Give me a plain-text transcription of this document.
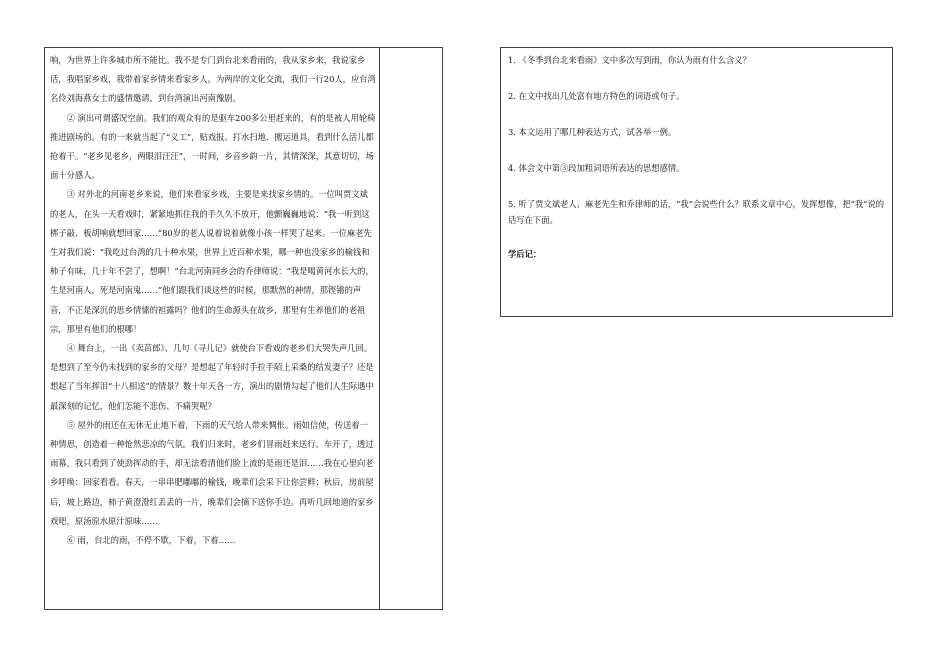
响，为世界上许多城市所不能比。我不是专门到台北来看雨的，我从家乡来，我说家乡话，我唱家乡戏，我带着家乡情来看家乡人。为两岸的文化交流，我们一行20人，应台湾名伶刘海燕女士的盛情邀请，到台湾演出河南豫剧。

② 演出可谓盛况空前。我们的观众有的是驱车200多公里赶来的，有的是被人用轮椅推进剧场的。有的一来就当起了“义工”，贴戏报、打水扫地、搬运道具，看到什么活儿都抢着干。“老乡见老乡，两眼泪汪汪”，一时间，乡音乡韵一片，其情深深，其意切切，场面十分感人。

③ 对外北的河南老乡来说，他们来看家乡戏，主要是来找家乡情的。一位叫贾文斌的老人，在头一天看戏时，紧紧地抓住我的手久久不放开，他颤巍巍地说：“我一听到这梆子敲、板胡响就想回家……”80岁的老人说着说着就像小孩一样哭了起来。一位麻老先生对我们说：“我吃过台湾的几十种水果，世界上近百种水果，哪一种也没家乡的榆钱和柿子有味，几十年不尝了，想啊！”台北河南同乡会的乔律师说：“我是喝黄河水长大的，生是河南人，死是河南鬼……”他们跟我们谈这些的时候，那默然的神情，那铿锵的声音，不正是深沉的思乡情愫的袒露吗？他们的生命源头在故乡，那里有生养他们的老祖宗，那里有他们的根哪！

④ 舞台上，一出《卖苗郎》、几句《寻儿记》就使台下看戏的老乡们大哭失声几回。是想到了至今仍未找到的家乡的父母？是想起了年轻时手拉手陌上采桑的结发妻子？还是想起了当年挥泪“十八相送”的情景？数十年天各一方，演出的剧情勾起了他们人生际遇中最深刻的记忆，他们怎能不悲伤、不痛哭呢？

⑤ 屋外的雨还在无休无止地下着，下雨的天气给人带来惆怅。雨如信使，传送着一种情思，创造着一种怆然悲凉的气氛。我们归来时，老乡们冒雨赶来送行。车开了，透过雨幕，我只看到了使劲挥动的手，却无法看清他们脸上流的是雨还是泪……我在心里向老乡呼唤：回家看看。春天，一串串肥嘟嘟的榆钱，晚辈们会采下让你尝鲜；秋后，房前屋后，坡上路边，柿子黄澄澄红丢丢的一片，晚辈们会摘下送你手边。再听几回地道的家乡戏吧，原汤原水原汁原味……

⑥ 雨，台北的雨，不停不歇，下着，下着……

1. 《冬季到台北来看雨》文中多次写到雨，你认为雨有什么含义？

2. 在文中找出几处富有地方特色的词语或句子。

3. 本文运用了哪几种表达方式，试各举一例。

4. 体会文中第③段加粗词语所表达的思想感情。

5. 听了贾文斌老人、麻老先生和乔律师的话，“我”会说些什么？联系文章中心，发挥想像，把“我”说的话写在下面。

学后记：
